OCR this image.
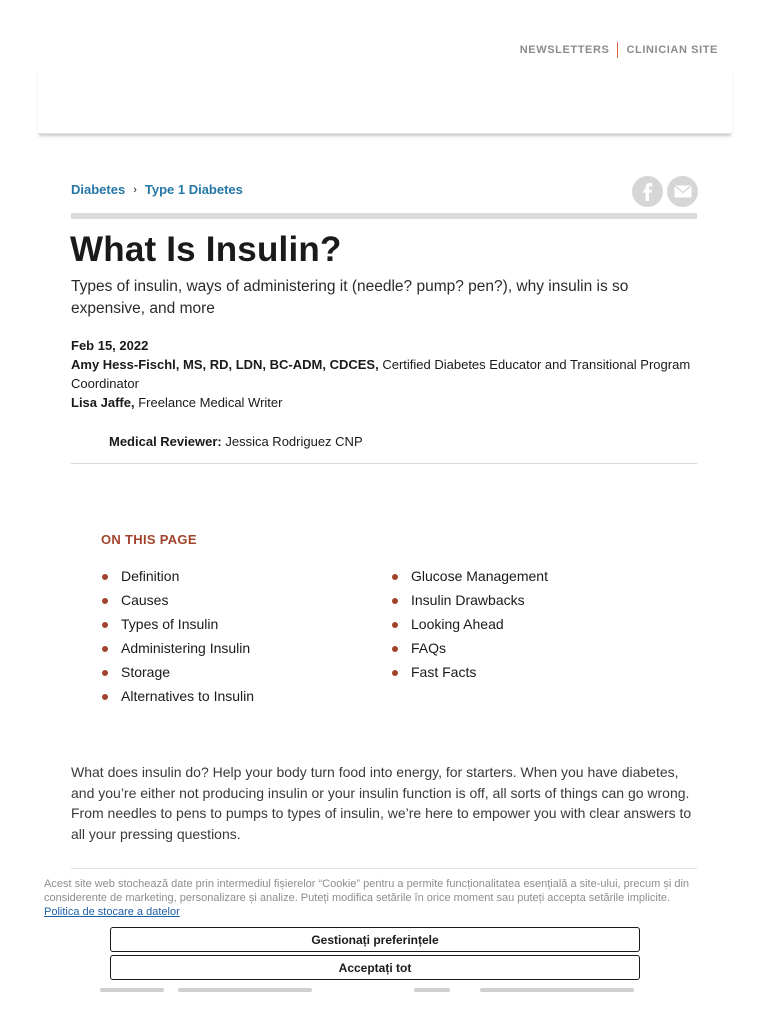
NEWSLETTERS CLINICIAN SITE
Diabetes › Type 1 Diabetes
What Is Insulin?

Types of insulin, ways of administering it (needle? pump? pen?), why insulin is so expensive, and more

Feb 15, 2022
Amy Hess-Fischl, MS, RD, LDN, BC-ADM, CDCES, Certified Diabetes Educator and Transitional Program Coordinator
Lisa Jaffe, Freelance Medical Writer
Medical Reviewer: Jessica Rodriguez CNP
ON THIS PAGE
Definition
Causes
Types of Insulin
Administering Insulin
Storage
Alternatives to Insulin
Glucose Management
Insulin Drawbacks
Looking Ahead
FAQs
Fast Facts

What does insulin do? Help your body turn food into energy, for starters. When you have diabetes, and you’re either not producing insulin or your insulin function is off, all sorts of things can go wrong. From needles to pens to pumps to types of insulin, we’re here to empower you with clear answers to all your pressing questions.

Acest site web stochează date prin intermediul fișierelor “Cookie” pentru a permite funcționalitatea esențială a site-ului, precum și din considerente de marketing, personalizare și analize. Puteți modifica setările în orice moment sau puteți accepta setările implicite. Politica de stocare a datelor

Gestionați preferințele
Acceptați tot
